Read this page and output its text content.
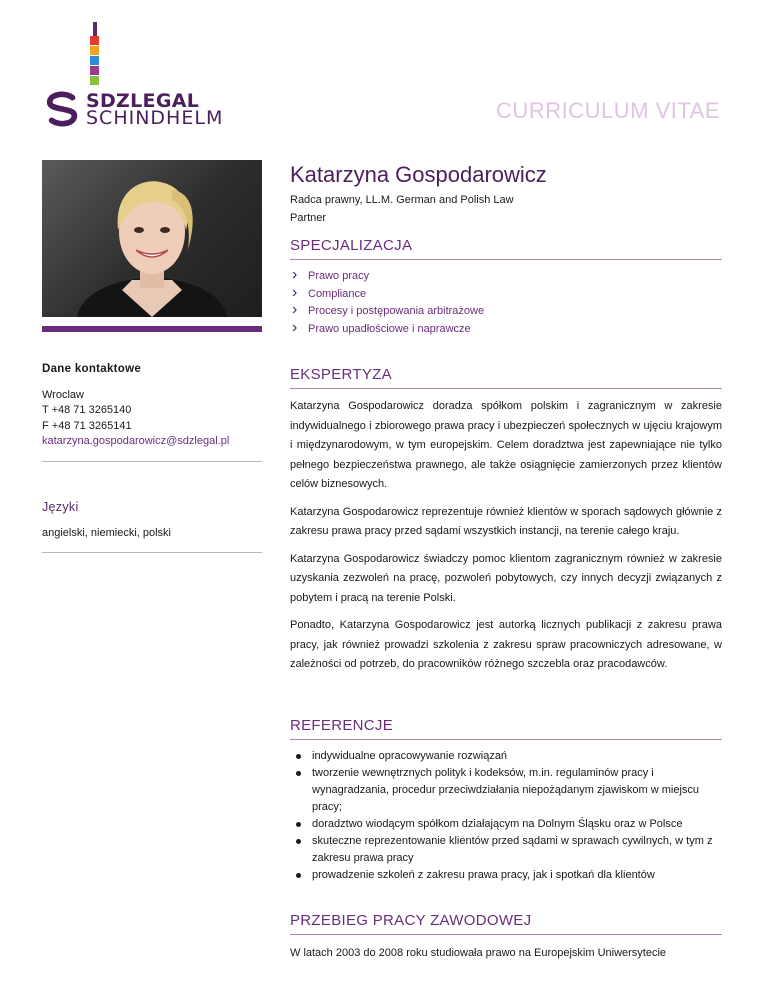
SDZLEGAL
SCHINDHELM	CURRICULUM VITAE
Dane kontaktowe
Wroclaw
T +48 71 3265140
F +48 71 3265141
katarzyna.gospodarowicz@sdzlegal.pl
Języki
angielski, niemiecki, polski
Katarzyna Gospodarowicz
Radca prawny, LL.M. German and Polish Law
Partner
SPECJALIZACJA
› Prawo pracy
› Compliance
› Procesy i postępowania arbitrażowe
› Prawo upadłościowe i naprawcze
EKSPERTYZA

Katarzyna Gospodarowicz doradza spółkom polskim i zagranicznym w zakresie indywidualnego i zbiorowego prawa pracy i ubezpieczeń społecznych w ujęciu krajowym i międzynarodowym, w tym europejskim. Celem doradztwa jest zapewniające nie tylko pełnego bezpieczeństwa prawnego, ale także osiągnięcie zamierzonych przez klientów celów biznesowych.

Katarzyna Gospodarowicz reprezentuje również klientów w sporach sądowych głównie z zakresu prawa pracy przed sądami wszystkich instancji, na terenie całego kraju.

Katarzyna Gospodarowicz świadczy pomoc klientom zagranicznym również w zakresie uzyskania zezwoleń na pracę, pozwoleń pobytowych, czy innych decyzji związanych z pobytem i pracą na terenie Polski.

Ponadto, Katarzyna Gospodarowicz jest autorką licznych publikacji z zakresu prawa pracy, jak również prowadzi szkolenia z zakresu spraw pracowniczych adresowane, w zależności od potrzeb, do pracowników różnego szczebla oraz pracodawców.

REFERENCJE
indywidualne opracowywanie rozwiązań
tworzenie wewnętrznych polityk i kodeksów, m.in. regulaminów pracy i wynagradzania, procedur przeciwdziałania niepożądanym zjawiskom w miejscu pracy;
doradztwo wiodącym spółkom działającym na Dolnym Śląsku oraz w Polsce
skuteczne reprezentowanie klientów przed sądami w sprawach cywilnych, w tym z zakresu prawa pracy
prowadzenie szkoleń z zakresu prawa pracy, jak i spotkań dla klientów
PRZEBIEG PRACY ZAWODOWEJ

W latach 2003 do 2008 roku studiowała prawo na Europejskim Uniwersytecie
